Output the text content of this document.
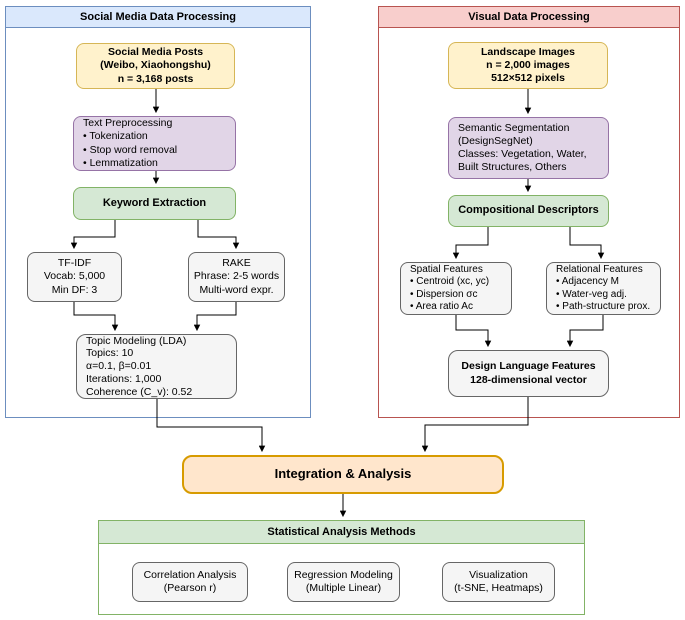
Social Media Data Processing	Visual Data Processing
Statistical Analysis Methods
Social Media Posts
(Weibo, Xiaohongshu)
n = 3,168 posts
Text Preprocessing
• Tokenization
• Stop word removal
• Lemmatization
Keyword Extraction
TF-IDF
Vocab: 5,000
Min DF: 3
RAKE
Phrase: 2-5 words
Multi-word expr.
Topic Modeling (LDA)
Topics: 10
α=0.1, β=0.01
Iterations: 1,000
Coherence (C_v): 0.52
Landscape Images
n = 2,000 images
512×512 pixels
Semantic Segmentation
(DesignSegNet)
Classes: Vegetation, Water,
Built Structures, Others
Compositional Descriptors
Spatial Features
• Centroid (xc, yc)
• Dispersion σc
• Area ratio Ac
Relational Features
• Adjacency M
• Water-veg adj.
• Path-structure prox.
Design Language Features
128-dimensional vector
Integration & Analysis
Correlation Analysis
(Pearson r)
Regression Modeling
(Multiple Linear)
Visualization
(t-SNE, Heatmaps)
